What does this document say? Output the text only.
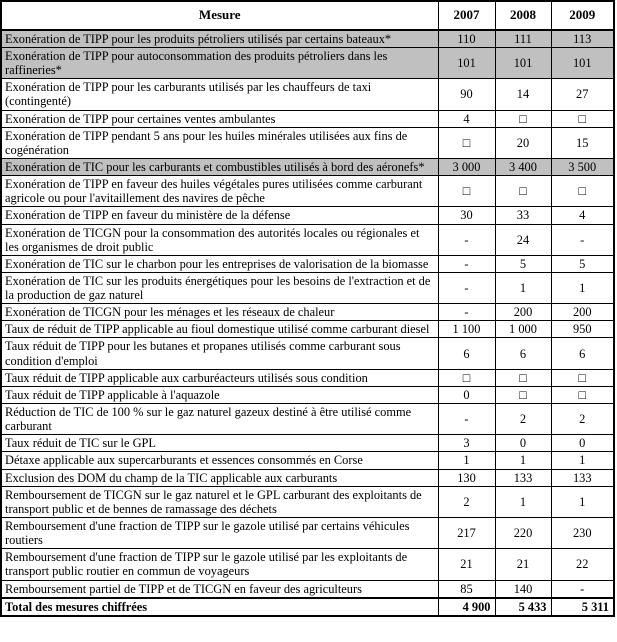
Mesure	2007	2008	2009
Exonération de TIPP pour les produits pétroliers utilisés par certains bateaux*	110	111	113
Exonération de TIPP pour autoconsommation des produits pétroliers dans les raffineries*	101	101	101
Exonération de TIPP pour les carburants utilisés par les chauffeurs de taxi (contingenté)	90	14	27
Exonération de TIPP pour certaines ventes ambulantes	4	□	□
Exonération de TIPP pendant 5 ans pour les huiles minérales utilisées aux fins de cogénération	□	20	15
Exonération de TIC pour les carburants et combustibles utilisés à bord des aéronefs*	3 000	3 400	3 500
Exonération de TIPP en faveur des huiles végétales pures utilisées comme carburant agricole ou pour l'avitaillement des navires de pêche	□	□	□
Exonération de TIPP en faveur du ministère de la défense	30	33	4
Exonération de TICGN pour la consommation des autorités locales ou régionales et les organismes de droit public	-	24	-
Exonération de TIC sur le charbon pour les entreprises de valorisation de la biomasse	-	5	5
Exonération de TIC sur les produits énergétiques pour les besoins de l'extraction et de la production de gaz naturel	-	1	1
Exonération de TICGN pour les ménages et les réseaux de chaleur	-	200	200
Taux de réduit de TIPP applicable au fioul domestique utilisé comme carburant diesel	1 100	1 000	950
Taux réduit de TIPP pour les butanes et propanes utilisés comme carburant sous condition d'emploi	6	6	6
Taux réduit de TIPP applicable aux carburéacteurs utilisés sous condition	□	□	□
Taux réduit de TIPP applicable à l'aquazole	0	□	□
Réduction de TIC de 100 % sur le gaz naturel gazeux destiné à être utilisé comme carburant	-	2	2
Taux réduit de TIC sur le GPL	3	0	0
Détaxe applicable aux supercarburants et essences consommés en Corse	1	1	1
Exclusion des DOM du champ de la TIC applicable aux carburants	130	133	133
Remboursement de TICGN sur le gaz naturel et le GPL carburant des exploitants de transport public et de bennes de ramassage des déchets	2	1	1
Remboursement d'une fraction de TIPP sur le gazole utilisé par certains véhicules routiers	217	220	230
Remboursement d'une fraction de TIPP sur le gazole utilisé par les exploitants de transport public routier en commun de voyageurs	21	21	22
Remboursement partiel de TIPP et de TICGN en faveur des agriculteurs	85	140	-
Total des mesures chiffrées	4 900	5 433	5 311
